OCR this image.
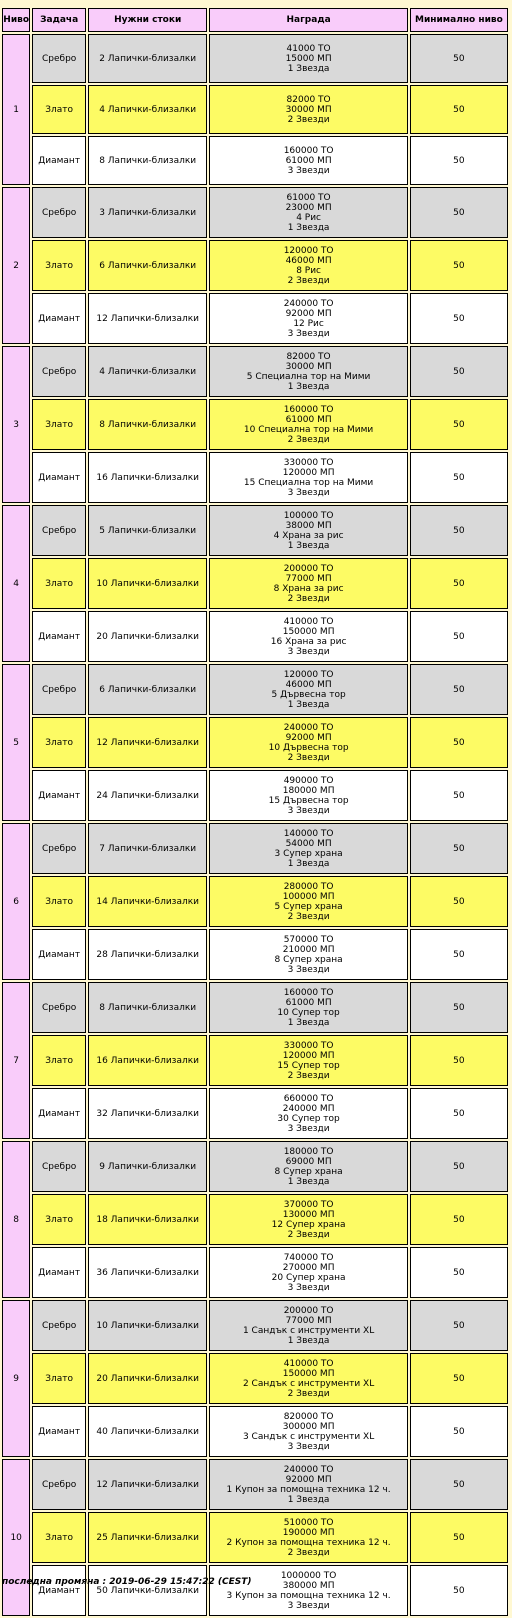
Ниво	Задача	Нужни стоки	Награда	Минимално ниво
1	Сребро	2 Лапички-близалки	41000 ТО
15000 МП
1 Звезда	50
	Злато	4 Лапички-близалки	82000 ТО
30000 МП
2 Звезди	50
	Диамант	8 Лапички-близалки	160000 ТО
61000 МП
3 Звезди	50
2	Сребро	3 Лапички-близалки	61000 ТО
23000 МП
4 Рис
1 Звезда	50
	Злато	6 Лапички-близалки	120000 ТО
46000 МП
8 Рис
2 Звезди	50
	Диамант	12 Лапички-близалки	240000 ТО
92000 МП
12 Рис
3 Звезди	50
3	Сребро	4 Лапички-близалки	82000 ТО
30000 МП
5 Специална тор на Мими
1 Звезда	50
	Злато	8 Лапички-близалки	160000 ТО
61000 МП
10 Специална тор на Мими
2 Звезди	50
	Диамант	16 Лапички-близалки	330000 ТО
120000 МП
15 Специална тор на Мими
3 Звезди	50
4	Сребро	5 Лапички-близалки	100000 ТО
38000 МП
4 Храна за рис
1 Звезда	50
	Злато	10 Лапички-близалки	200000 ТО
77000 МП
8 Храна за рис
2 Звезди	50
	Диамант	20 Лапички-близалки	410000 ТО
150000 МП
16 Храна за рис
3 Звезди	50
5	Сребро	6 Лапички-близалки	120000 ТО
46000 МП
5 Дървесна тор
1 Звезда	50
	Злато	12 Лапички-близалки	240000 ТО
92000 МП
10 Дървесна тор
2 Звезди	50
	Диамант	24 Лапички-близалки	490000 ТО
180000 МП
15 Дървесна тор
3 Звезди	50
6	Сребро	7 Лапички-близалки	140000 ТО
54000 МП
3 Супер храна
1 Звезда	50
	Злато	14 Лапички-близалки	280000 ТО
100000 МП
5 Супер храна
2 Звезди	50
	Диамант	28 Лапички-близалки	570000 ТО
210000 МП
8 Супер храна
3 Звезди	50
7	Сребро	8 Лапички-близалки	160000 ТО
61000 МП
10 Супер тор
1 Звезда	50
	Злато	16 Лапички-близалки	330000 ТО
120000 МП
15 Супер тор
2 Звезди	50
	Диамант	32 Лапички-близалки	660000 ТО
240000 МП
30 Супер тор
3 Звезди	50
8	Сребро	9 Лапички-близалки	180000 ТО
69000 МП
8 Супер храна
1 Звезда	50
	Злато	18 Лапички-близалки	370000 ТО
130000 МП
12 Супер храна
2 Звезди	50
	Диамант	36 Лапички-близалки	740000 ТО
270000 МП
20 Супер храна
3 Звезди	50
9	Сребро	10 Лапички-близалки	200000 ТО
77000 МП
1 Сандък с инструменти XL
1 Звезда	50
	Злато	20 Лапички-близалки	410000 ТО
150000 МП
2 Сандък с инструменти XL
2 Звезди	50
	Диамант	40 Лапички-близалки	820000 ТО
300000 МП
3 Сандък с инструменти XL
3 Звезди	50
10	Сребро	12 Лапички-близалки	240000 ТО
92000 МП
1 Купон за помощна техника 12 ч.
1 Звезда	50
	Злато	25 Лапички-близалки	510000 ТО
190000 МП
2 Купон за помощна техника 12 ч.
2 Звезди	50
	Диамант	50 Лапички-близалки	1000000 ТО
380000 МП
3 Купон за помощна техника 12 ч.
3 Звезди	50
последна промяна : 2019-06-29 15:47:22 (CEST)
